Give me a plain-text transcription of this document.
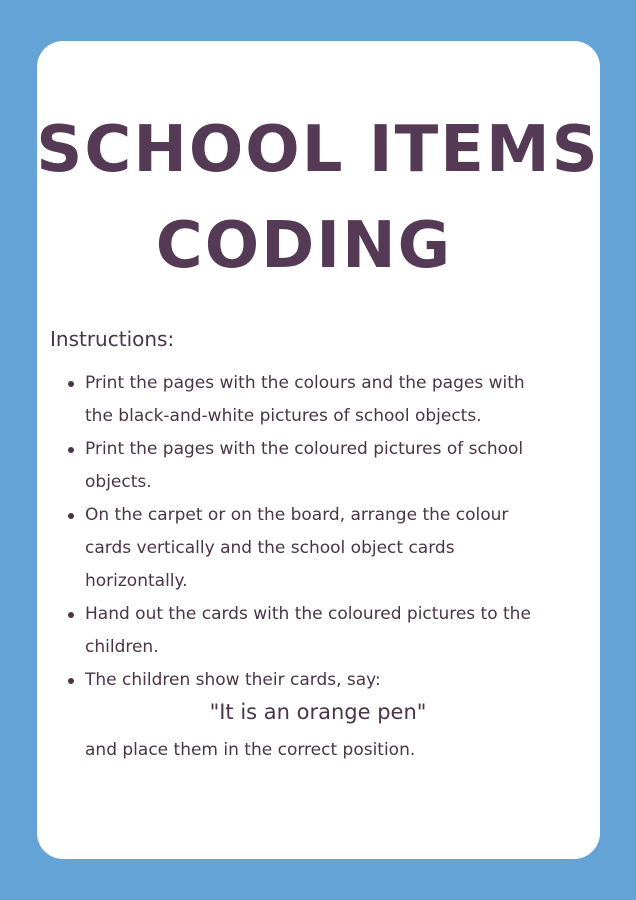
SCHOOL ITEMS
CODING

Instructions:

Print the pages with the colours and the pages with
the black-and-white pictures of school objects.
Print the pages with the coloured pictures of school
objects.
On the carpet or on the board, arrange the colour
cards vertically and the school object cards
horizontally.
Hand out the cards with the coloured pictures to the
children.
The children show their cards, say:

"It is an orange pen"

and place them in the correct position.
